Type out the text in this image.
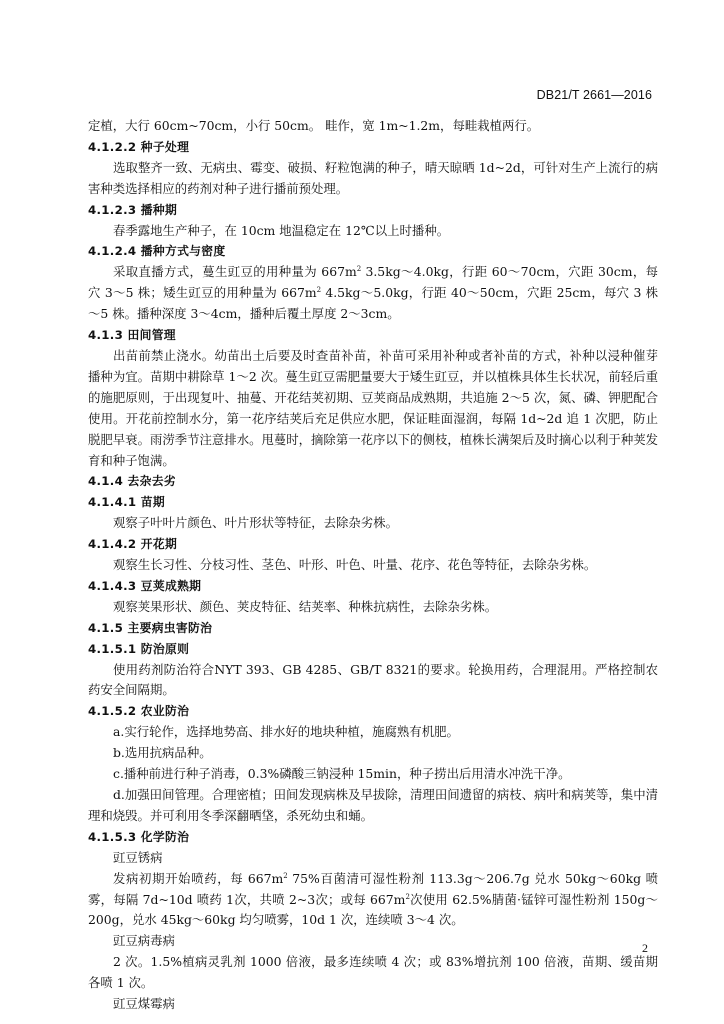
DB21/T 2661—2016

定植，大行 60cm~70cm，小行 50cm。 畦作，宽 1m~1.2m，每畦栽植两行。

4.1.2.2 种子处理

选取整齐一致、无病虫、霉变、破损、籽粒饱满的种子，晴天晾晒 1d~2d，可针对生产上流行的病害种类选择相应的药剂对种子进行播前预处理。

4.1.2.3 播种期

春季露地生产种子，在 10cm 地温稳定在 12℃以上时播种。

4.1.2.4 播种方式与密度

采取直播方式，蔓生豇豆的用种量为 $667m^2$ 3.5kg～4.0kg，行距 60～70cm，穴距 30cm，每穴 3～5 株；矮生豇豆的用种量为 $667m^2$ 4.5kg～5.0kg，行距 40～50cm，穴距 25cm，每穴 3 株～5 株。播种深度 3～4cm，播种后覆土厚度 2～3cm。

4.1.3 田间管理

出苗前禁止浇水。幼苗出土后要及时查苗补苗，补苗可采用补种或者补苗的方式，补种以浸种催芽播种为宜。苗期中耕除草 1～2 次。蔓生豇豆需肥量要大于矮生豇豆，并以植株具体生长状况，前轻后重的施肥原则，于出现复叶、抽蔓、开花结荚初期、豆荚商品成熟期，共追施 2～5 次，氮、磷、钾肥配合使用。开花前控制水分，第一花序结荚后充足供应水肥，保证畦面湿润，每隔 1d~2d 追 1 次肥，防止脱肥早衰。雨涝季节注意排水。甩蔓时，摘除第一花序以下的侧枝，植株长满架后及时摘心以利于种荚发育和种子饱满。

4.1.4 去杂去劣

4.1.4.1 苗期

观察子叶叶片颜色、叶片形状等特征，去除杂劣株。

4.1.4.2 开花期

观察生长习性、分枝习性、茎色、叶形、叶色、叶量、花序、花色等特征，去除杂劣株。

4.1.4.3 豆荚成熟期

观察荚果形状、颜色、荚皮特征、结荚率、种株抗病性，去除杂劣株。

4.1.5 主要病虫害防治

4.1.5.1 防治原则

使用药剂防治符合NYT 393、GB 4285、GB/T 8321的要求。轮换用药，合理混用。严格控制农药安全间隔期。

4.1.5.2 农业防治

a.实行轮作，选择地势高、排水好的地块种植，施腐熟有机肥。

b.选用抗病品种。

c.播种前进行种子消毒，0.3%磷酸三钠浸种 15min，种子捞出后用清水冲洗干净。

d.加强田间管理。合理密植；田间发现病株及早拔除，清理田间遗留的病枝、病叶和病荚等，集中清理和烧毁。并可利用冬季深翻晒垡，杀死幼虫和蛹。

4.1.5.3 化学防治

豇豆锈病

发病初期开始喷药，每 $667m^2$ 75%百菌清可湿性粉剂 113.3g～206.7g 兑水 50kg～60kg 喷雾，每隔 7d~10d 喷药 1次，共喷 2~3次；或每 $667m^2$次使用 62.5%腈菌·锰锌可湿性粉剂 150g～200g，兑水 45kg～60kg 均匀喷雾，10d 1 次，连续喷 3～4 次。

豇豆病毒病

2 次。1.5%植病灵乳剂 1000 倍液，最多连续喷 4 次；或 83%增抗剂 100 倍液，苗期、缓苗期各喷 1 次。

豇豆煤霉病

2
